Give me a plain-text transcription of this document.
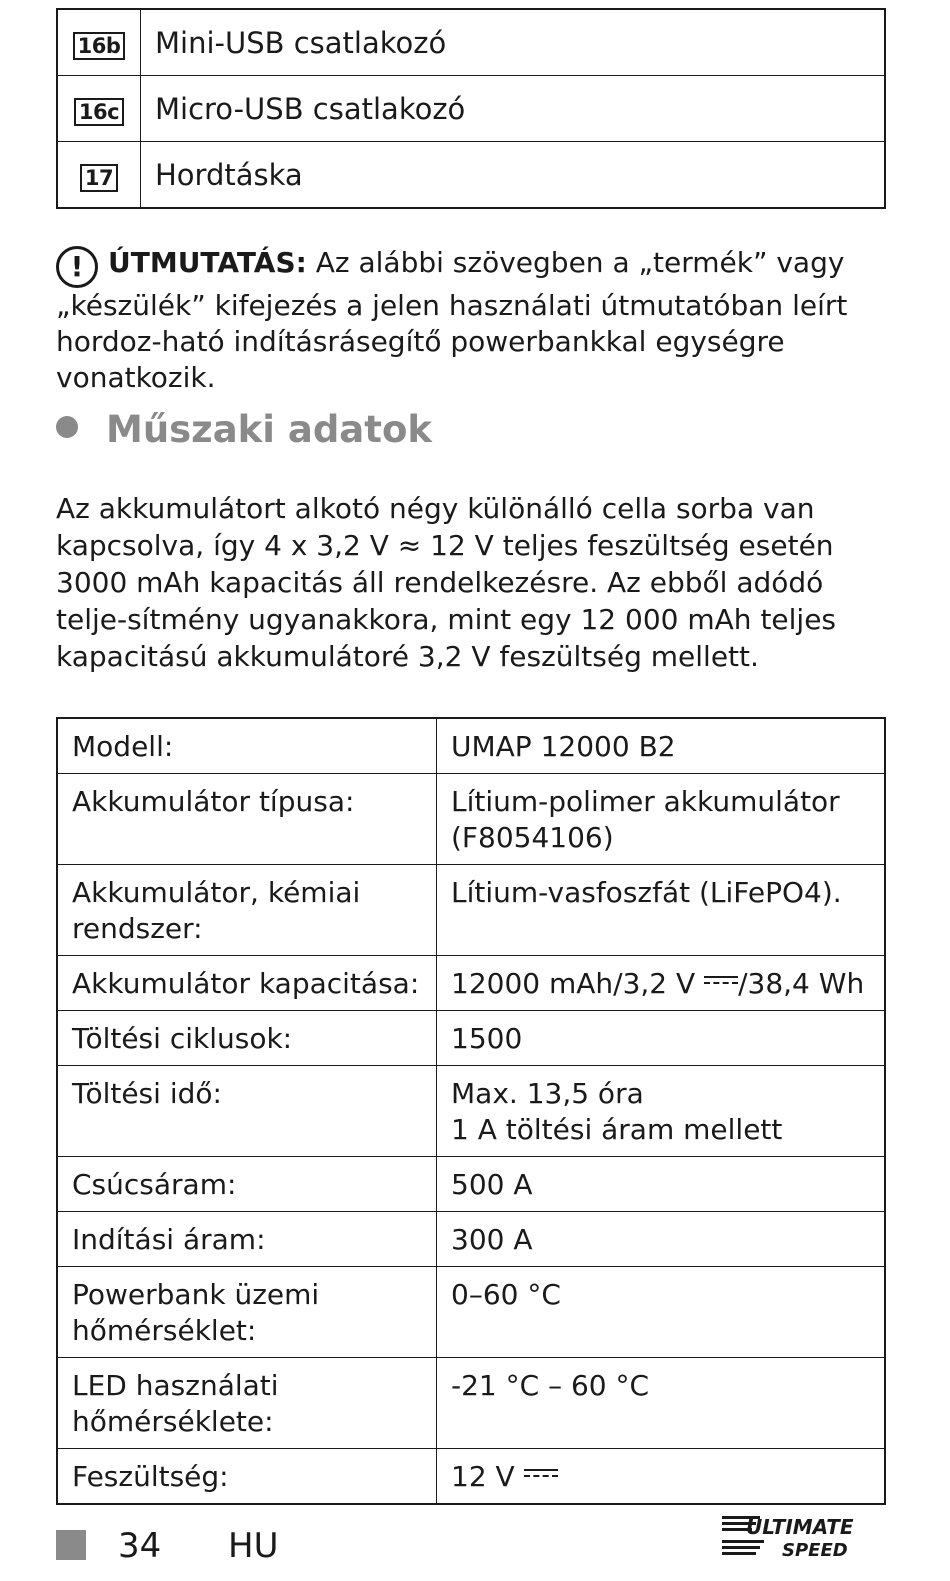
16b	Mini-USB csatlakozó
16c	Micro-USB csatlakozó
17	Hordtáska

! ÚTMUTATÁS: Az alábbi szövegben a „termék” vagy „készülék” kifejezés a jelen használati útmutatóban leírt hordoz-ható indításrásegítő powerbankkal egységre vonatkozik.

Műszaki adatok

Az akkumulátort alkotó négy különálló cella sorba van kapcsolva, így 4 x 3,2 V ≈ 12 V teljes feszültség esetén 3000 mAh kapacitás áll rendelkezésre. Az ebből adódó telje-sítmény ugyanakkora, mint egy 12 000 mAh teljes kapacitású akkumulátoré 3,2 V feszültség mellett.

Modell:	UMAP 12000 B2
Akkumulátor típusa:	Lítium-polimer akkumulátor
(F8054106)
Akkumulátor, kémiai
rendszer:	Lítium-vasfoszfát (LiFePO4).
Akkumulátor kapacitása:	12000 mAh/3,2 V /38,4 Wh
Töltési ciklusok:	1500
Töltési idő:	Max. 13,5 óra
1 A töltési áram mellett
Csúcsáram:	500 A
Indítási áram:	300 A
Powerbank üzemi
hőmérséklet:	0–60 °C
LED használati
hőmérséklete:	-21 °C – 60 °C
Feszültség:	12 V
34 HU	ULTIMATE
SPEED
